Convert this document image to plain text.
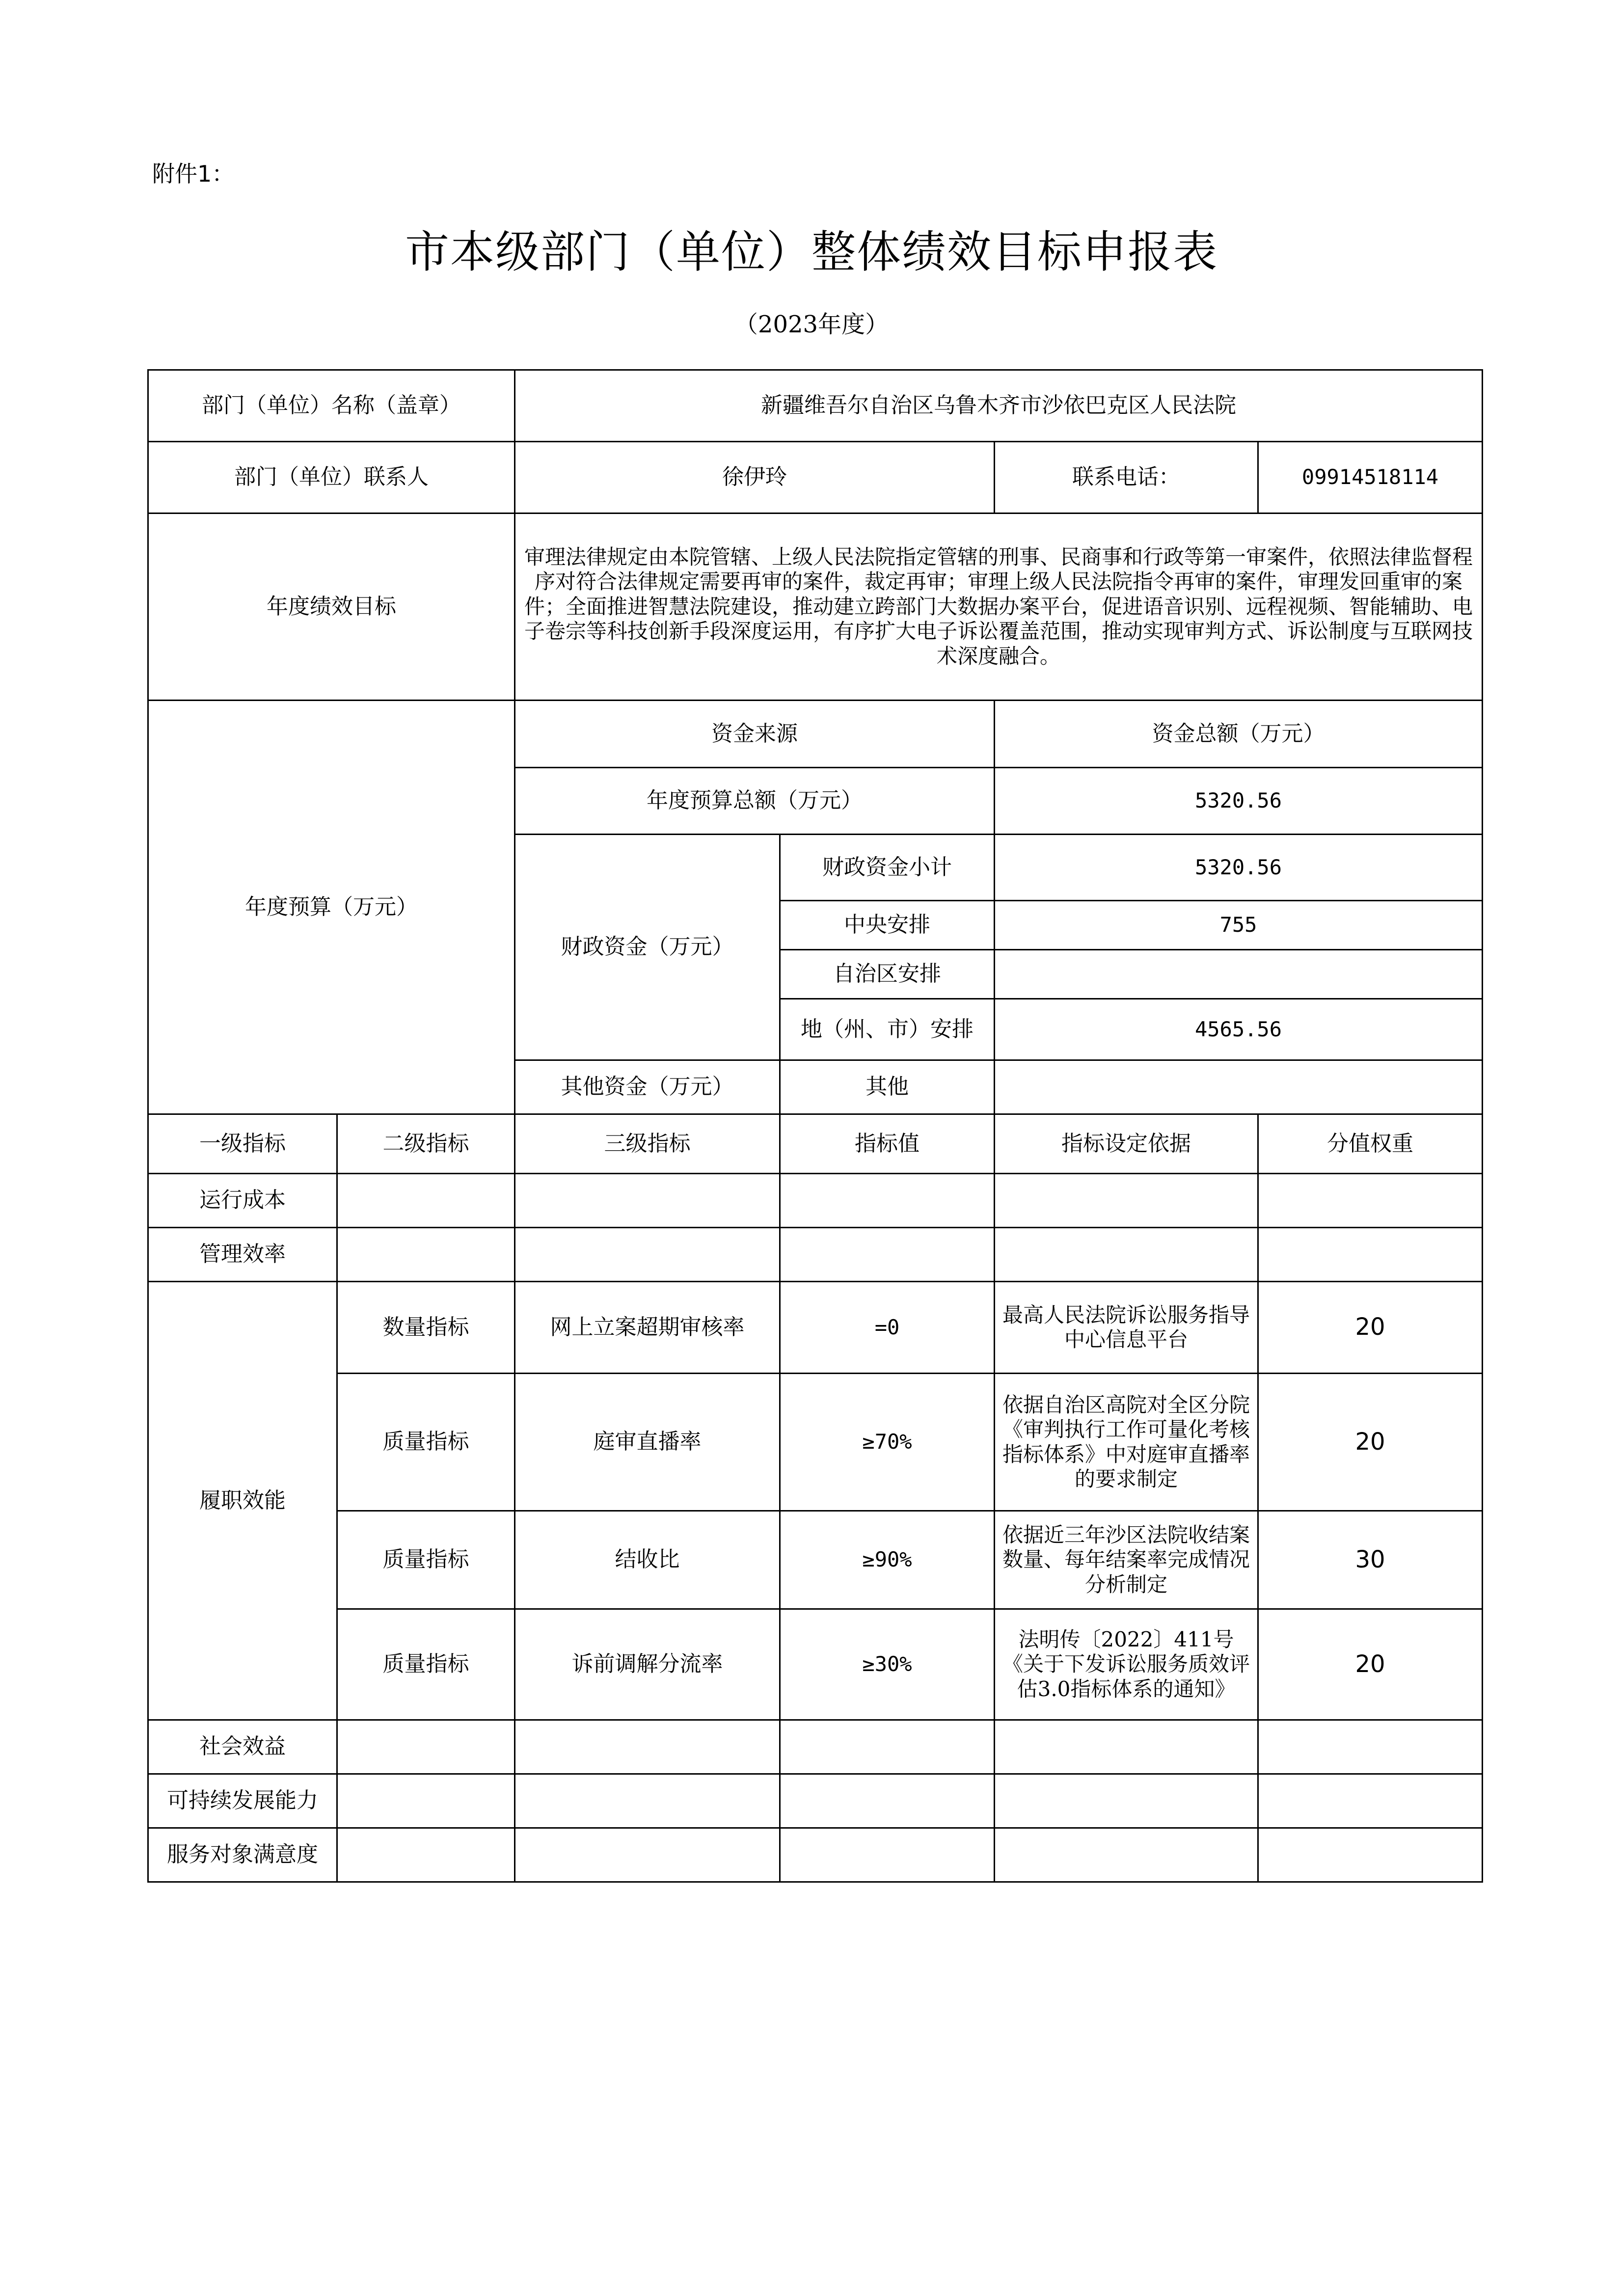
附件1：
市本级部门（单位）整体绩效目标申报表
（2023年度）
部门（单位）名称（盖章）		新疆维吾尔自治区乌鲁木齐市沙依巴克区人民法院			
部门（单位）联系人		徐伊玲		联系电话：	09914518114
年度绩效目标		审理法律规定由本院管辖、上级人民法院指定管辖的刑事、民商事和行政等第一审案件，依照法律监督程序对符合法律规定需要再审的案件，裁定再审；审理上级人民法院指令再审的案件，审理发回重审的案件；全面推进智慧法院建设，推动建立跨部门大数据办案平台，促进语音识别、远程视频、智能辅助、电子卷宗等科技创新手段深度运用，有序扩大电子诉讼覆盖范围，推动实现审判方式、诉讼制度与互联网技术深度融合。			
年度预算（万元）		资金来源		资金总额（万元）	
		年度预算总额（万元）		5320.56	
		财政资金（万元）	财政资金小计	5320.56	
			中央安排	755	
			自治区安排		
			地（州、市）安排	4565.56	
		其他资金（万元）	其他		
一级指标	二级指标	三级指标	指标值	指标设定依据	分值权重
运行成本					
管理效率					
履职效能	数量指标	网上立案超期审核率	=0	最高人民法院诉讼服务指导中心信息平台	20
	质量指标	庭审直播率	≥70%	依据自治区高院对全区分院《审判执行工作可量化考核指标体系》中对庭审直播率的要求制定	20
	质量指标	结收比	≥90%	依据近三年沙区法院收结案数量、每年结案率完成情况分析制定	30
	质量指标	诉前调解分流率	≥30%	法明传〔2022〕411号 《关于下发诉讼服务质效评估3.0指标体系的通知》	20
社会效益					
可持续发展能力					
服务对象满意度					
